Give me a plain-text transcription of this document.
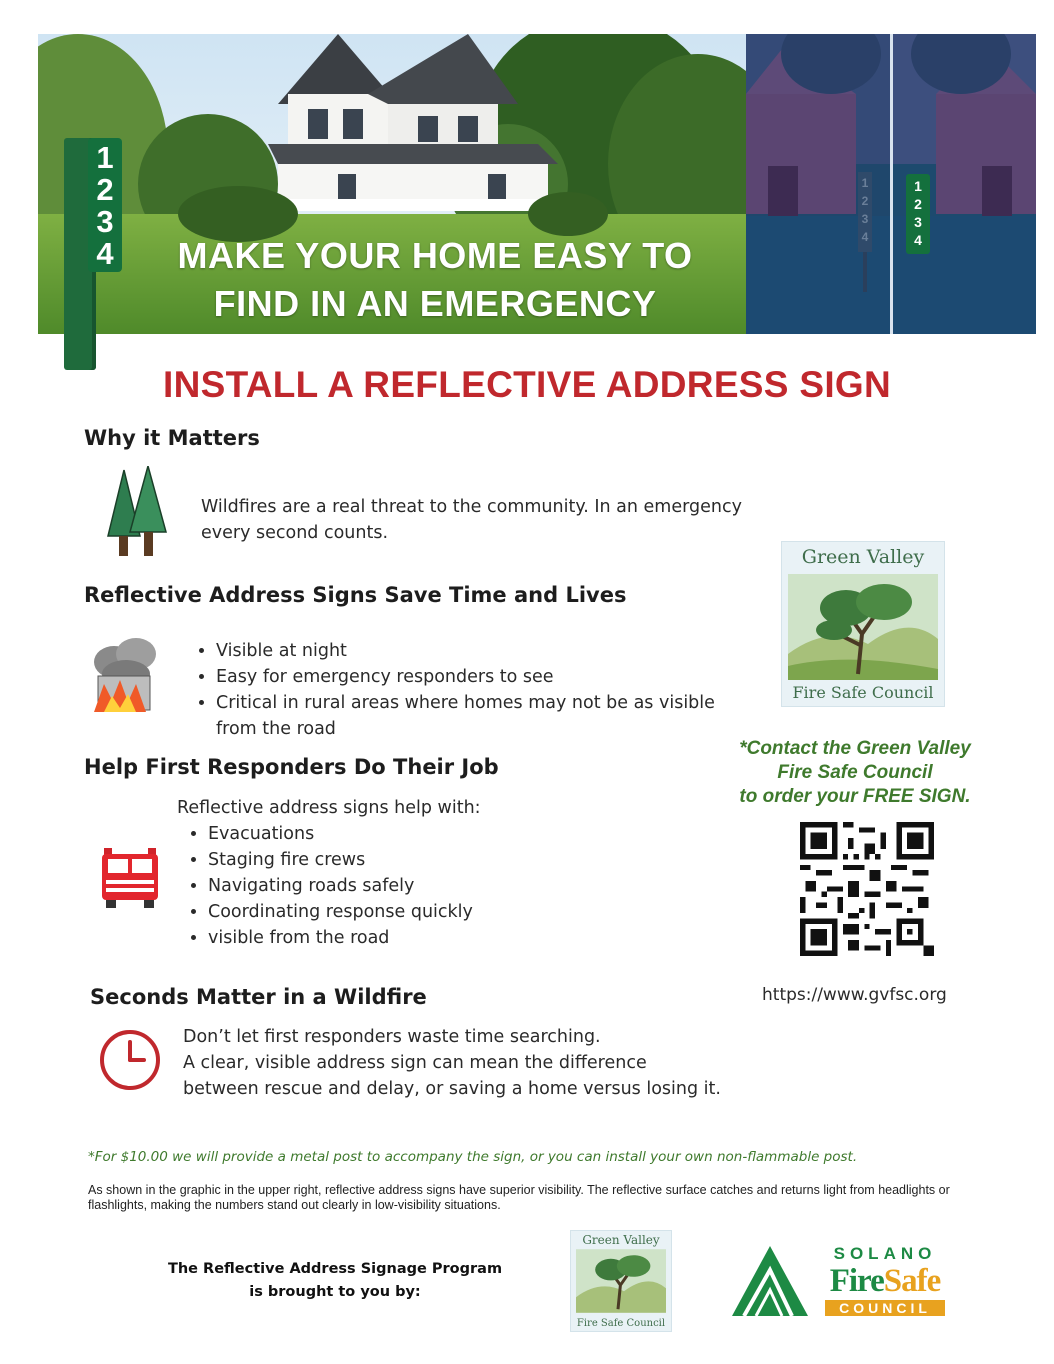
1
2
3
4
1
2
3
4
1
2
3
4	MAKE YOUR HOME EASY TO
FIND IN AN EMERGENCY
INSTALL A REFLECTIVE ADDRESS SIGN
Why it Matters
Wildfires are a real threat to the community. In an emergency
every second counts.
Reflective Address Signs Save Time and Lives
• Visible at night
• Easy for emergency responders to see
• Critical in rural areas where homes may not be as visible from the road
Help First Responders Do Their Job
Reflective address signs help with:
• Evacuations
• Staging fire crews
• Navigating roads safely
• Coordinating response quickly
• visible from the road
Seconds Matter in a Wildfire
Don’t let first responders waste time searching.
A clear, visible address sign can mean the difference
between rescue and delay, or saving a home versus losing it.
Green Valley
Fire Safe Council
*Contact the Green Valley
Fire Safe Council
to order your FREE SIGN.
https://www.gvfsc.org
*For $10.00 we will provide a metal post to accompany the sign, or you can install your own non-flammable post.
As shown in the graphic in the upper right, reflective address signs have superior visibility. The reflective surface catches and returns light from headlights or flashlights, making the numbers stand out clearly in low-visibility situations.
The Reflective Address Signage Program
is brought to you by:
Green Valley
Fire Safe Council
SOLANO
FireSafe
COUNCIL
